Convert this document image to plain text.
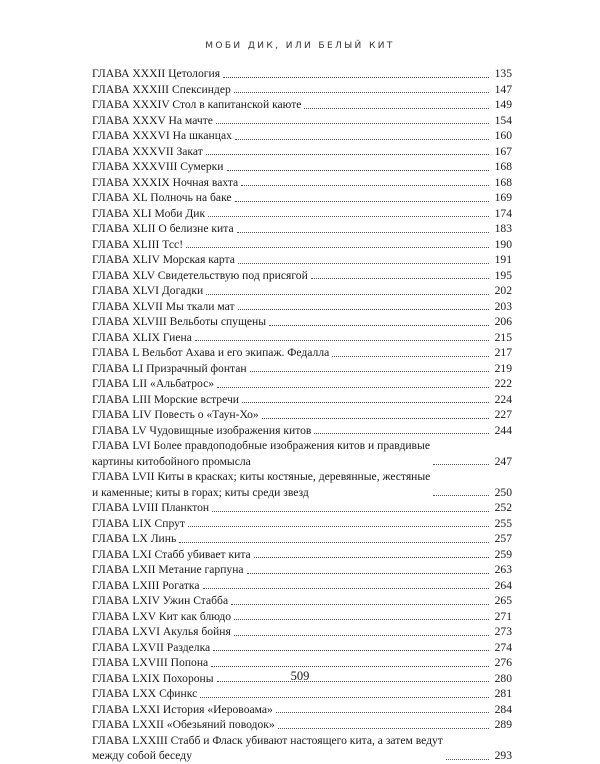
МОБИ ДИК, ИЛИ БЕЛЫЙ КИТ
ГЛАВА XXXII Цетология	135
ГЛАВА XXXIII Спексиндер	147
ГЛАВА XXXIV Стол в капитанской каюте	149
ГЛАВА XXXV На мачте	154
ГЛАВА XXXVI На шканцах	160
ГЛАВА XXXVII Закат	167
ГЛАВА XXXVIII Сумерки	168
ГЛАВА XXXIX Ночная вахта	168
ГЛАВА XL Полночь на баке	169
ГЛАВА XLI Моби Дик	174
ГЛАВА XLII О белизне кита	183
ГЛАВА XLIII Тсс!	190
ГЛАВА XLIV Морская карта	191
ГЛАВА XLV Свидетельствую под присягой	195
ГЛАВА XLVI Догадки	202
ГЛАВА XLVII Мы ткали мат	203
ГЛАВА XLVIII Вельботы спущены	206
ГЛАВА XLIX Гиена	215
ГЛАВА L Вельбот Ахава и его экипаж. Федалла	217
ГЛАВА LI Призрачный фонтан	219
ГЛАВА LII «Альбатрос»	222
ГЛАВА LIII Морские встречи	224
ГЛАВА LIV Повесть о «Таун-Хо»	227
ГЛАВА LV Чудовищные изображения китов	244
ГЛАВА LVI Более правдоподобные изображения китов и правдивые
картины китобойного промысла	247
ГЛАВА LVII Киты в красках; киты костяные, деревянные, жестяные
и каменные; киты в горах; киты среди звезд	250
ГЛАВА LVIII Планктон	252
ГЛАВА LIX Спрут	255
ГЛАВА LX Линь	257
ГЛАВА LXI Стабб убивает кита	259
ГЛАВА LXII Метание гарпуна	263
ГЛАВА LXIII Рогатка	264
ГЛАВА LXIV Ужин Стабба	265
ГЛАВА LXV Кит как блюдо	271
ГЛАВА LXVI Акулья бойня	273
ГЛАВА LXVII Разделка	274
ГЛАВА LXVIII Попона	276
ГЛАВА LXIX Похороны	280
ГЛАВА LXX Сфинкс	281
ГЛАВА LXXI История «Иеровоама»	284
ГЛАВА LXXII «Обезьяний поводок»	289
ГЛАВА LXXIII Стабб и Фласк убивают настоящего кита, а затем ведут
между собой беседу	293
509
